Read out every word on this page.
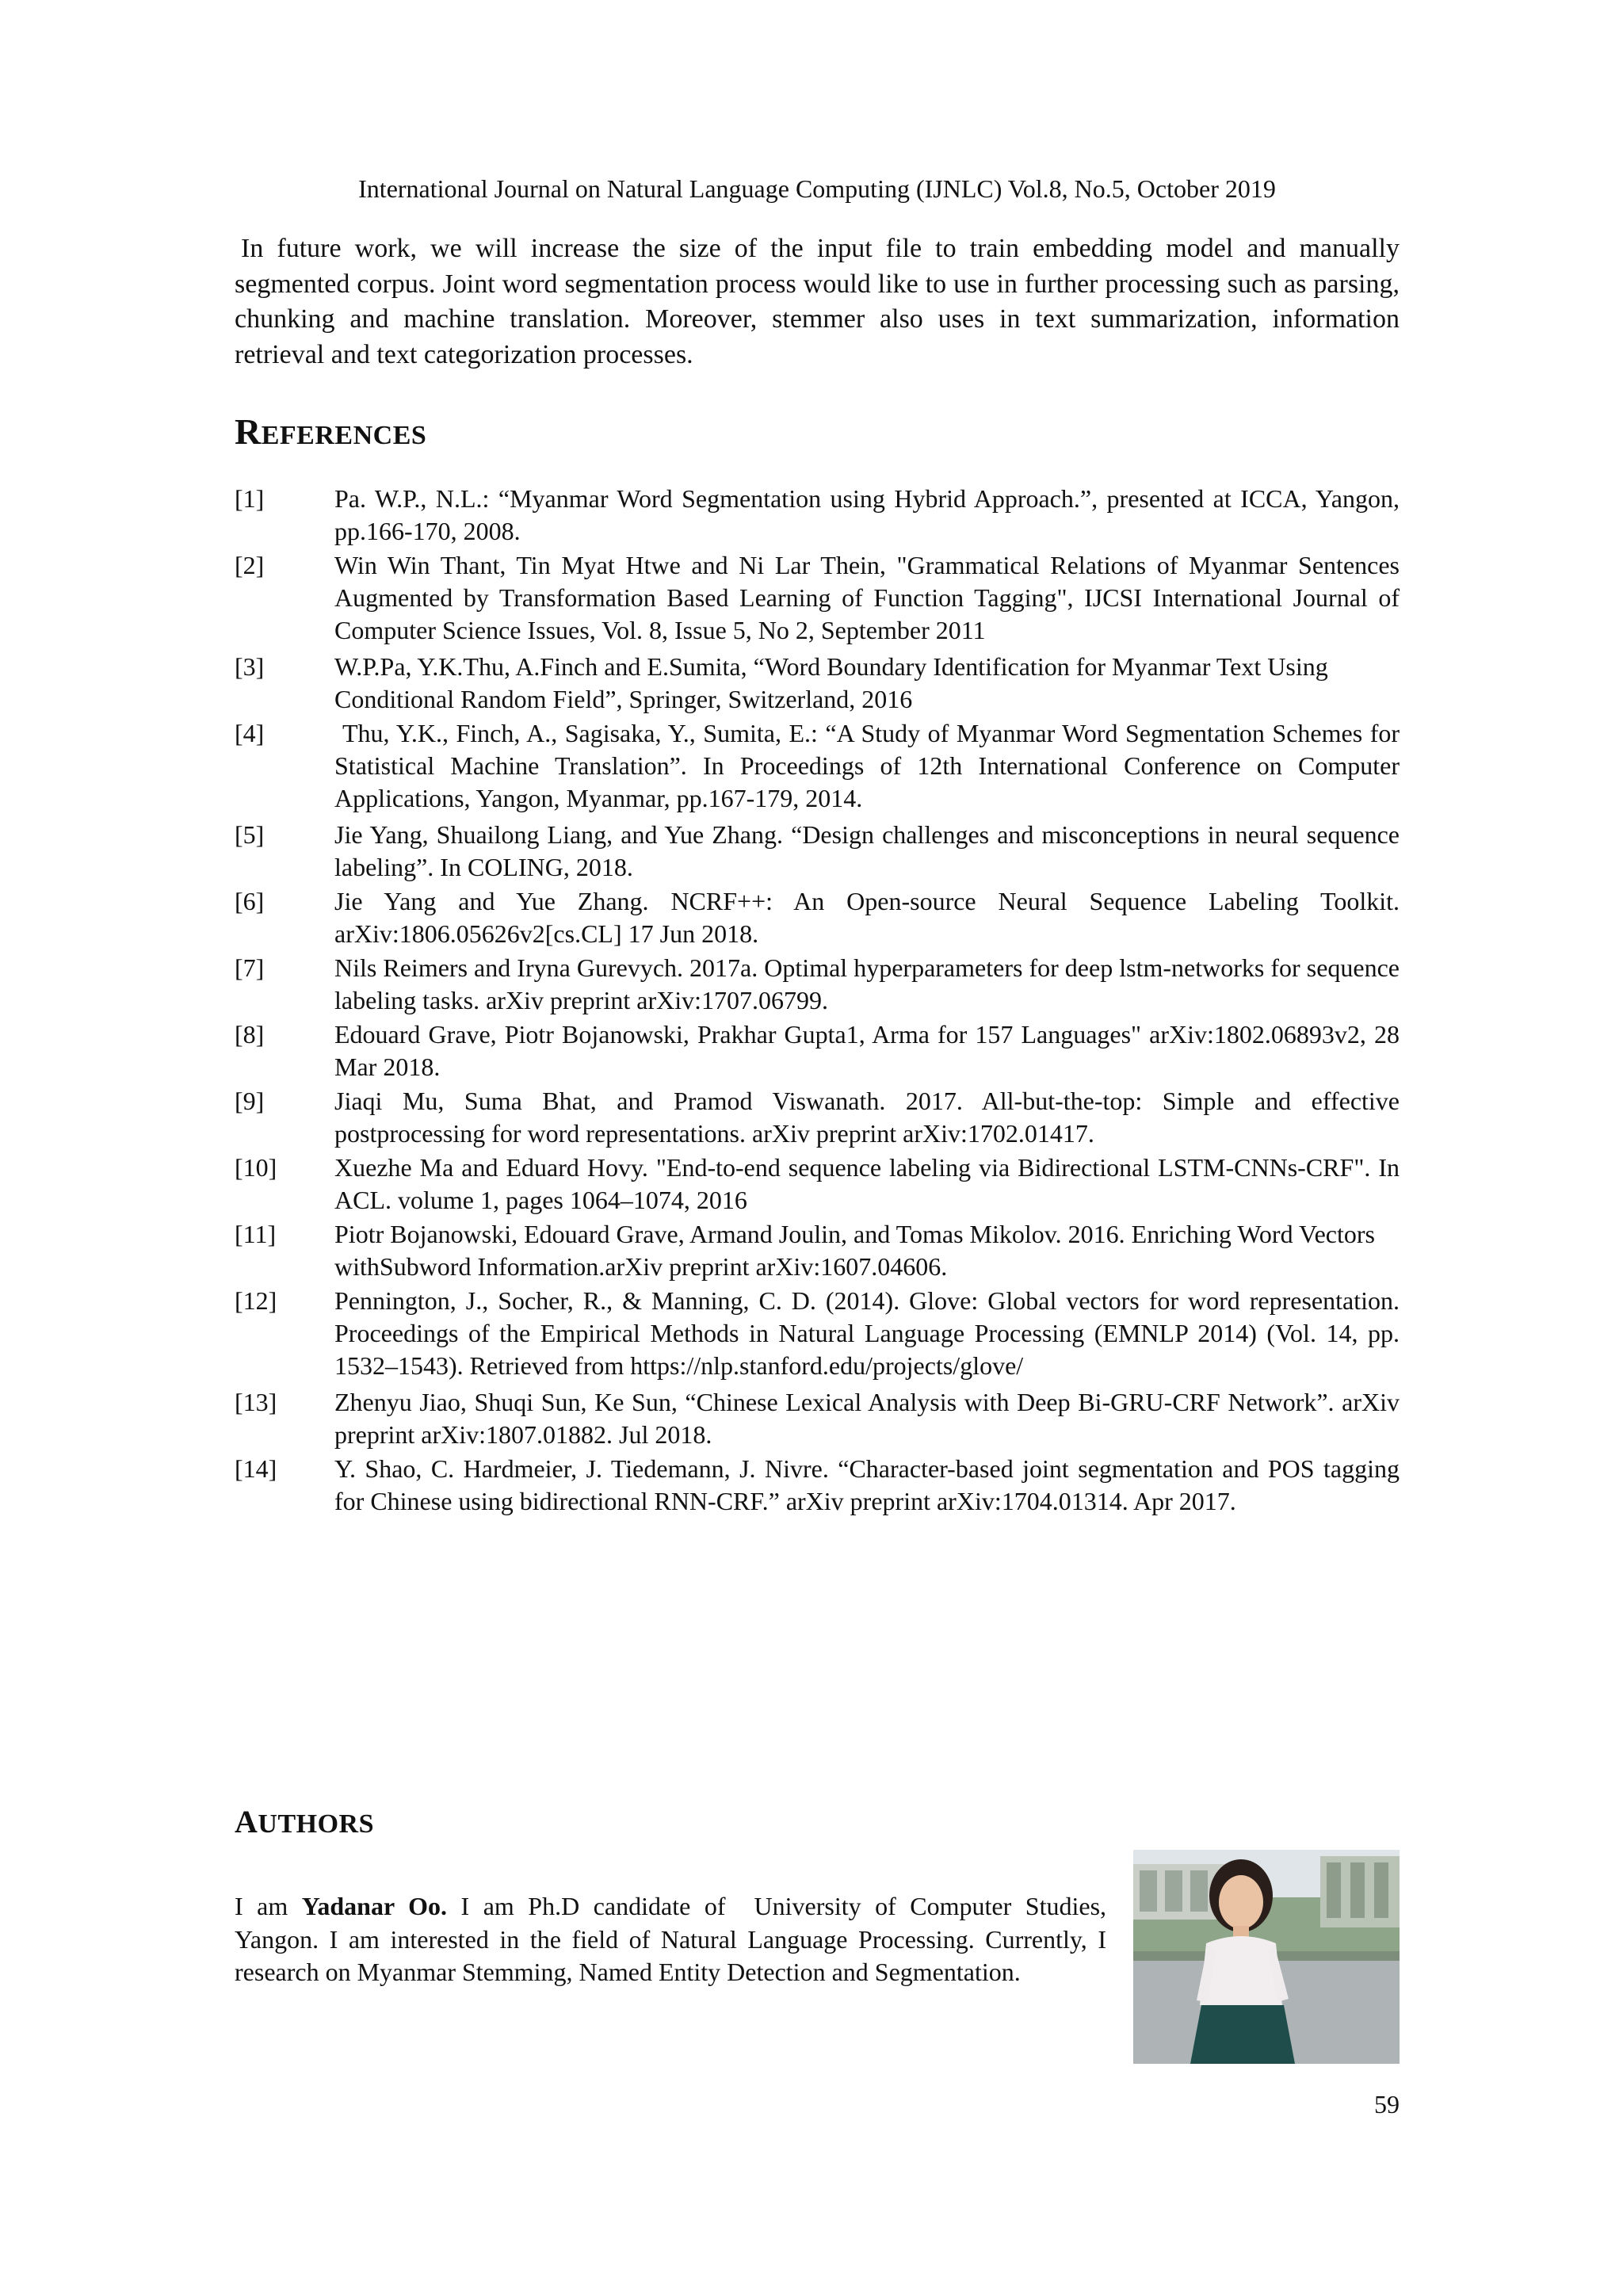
International Journal on Natural Language Computing (IJNLC) Vol.8, No.5, October 2019

In future work, we will increase the size of the input file to train embedding model and manually segmented corpus. Joint word segmentation process would like to use in further processing such as parsing, chunking and machine translation. Moreover, stemmer also uses in text summarization, information retrieval and text categorization processes.

REFERENCES
[1]	Pa. W.P., N.L.: “Myanmar Word Segmentation using Hybrid Approach.”, presented at ICCA, Yangon, pp.166-170, 2008.
[2]	Win Win Thant, Tin Myat Htwe and Ni Lar Thein, "Grammatical Relations of Myanmar Sentences Augmented by Transformation Based Learning of Function Tagging", IJCSI International Journal of Computer Science Issues, Vol. 8, Issue 5, No 2, September 2011
[3]	W.P.Pa, Y.K.Thu, A.Finch and E.Sumita, “Word Boundary Identification for Myanmar Text Using Conditional Random Field”, Springer, Switzerland, 2016
[4]	Thu, Y.K., Finch, A., Sagisaka, Y., Sumita, E.: “A Study of Myanmar Word Segmentation Schemes for Statistical Machine Translation”. In Proceedings of 12th International Conference on Computer Applications, Yangon, Myanmar, pp.167-179, 2014.
[5]	Jie Yang, Shuailong Liang, and Yue Zhang. “Design challenges and misconceptions in neural sequence labeling”. In COLING, 2018.
[6]	Jie Yang and Yue Zhang. NCRF++: An Open-source Neural Sequence Labeling Toolkit. arXiv:1806.05626v2[cs.CL] 17 Jun 2018.
[7]	Nils Reimers and Iryna Gurevych. 2017a. Optimal hyperparameters for deep lstm-networks for sequence labeling tasks. arXiv preprint arXiv:1707.06799.
[8]	Edouard Grave, Piotr Bojanowski, Prakhar Gupta1, Arma for 157 Languages" arXiv:1802.06893v2, 28 Mar 2018.
[9]	Jiaqi Mu, Suma Bhat, and Pramod Viswanath. 2017. All-but-the-top: Simple and effective postprocessing for word representations. arXiv preprint arXiv:1702.01417.
[10]	Xuezhe Ma and Eduard Hovy. "End-to-end sequence labeling via Bidirectional LSTM-CNNs-CRF". In ACL. volume 1, pages 1064–1074, 2016
[11]	Piotr Bojanowski, Edouard Grave, Armand Joulin, and Tomas Mikolov. 2016. Enriching Word Vectors withSubword Information.arXiv preprint arXiv:1607.04606.
[12]	Pennington, J., Socher, R., & Manning, C. D. (2014). Glove: Global vectors for word representation. Proceedings of the Empirical Methods in Natural Language Processing (EMNLP 2014) (Vol. 14, pp. 1532–1543). Retrieved from https://nlp.stanford.edu/projects/glove/
[13]	Zhenyu Jiao, Shuqi Sun, Ke Sun, “Chinese Lexical Analysis with Deep Bi-GRU-CRF Network”. arXiv preprint arXiv:1807.01882. Jul 2018.
[14]	Y. Shao, C. Hardmeier, J. Tiedemann, J. Nivre. “Character-based joint segmentation and POS tagging for Chinese using bidirectional RNN-CRF.” arXiv preprint arXiv:1704.01314. Apr 2017.
AUTHORS

I am Yadanar Oo. I am Ph.D candidate of University of Computer Studies, Yangon. I am interested in the field of Natural Language Processing. Currently, I research on Myanmar Stemming, Named Entity Detection and Segmentation.

59
